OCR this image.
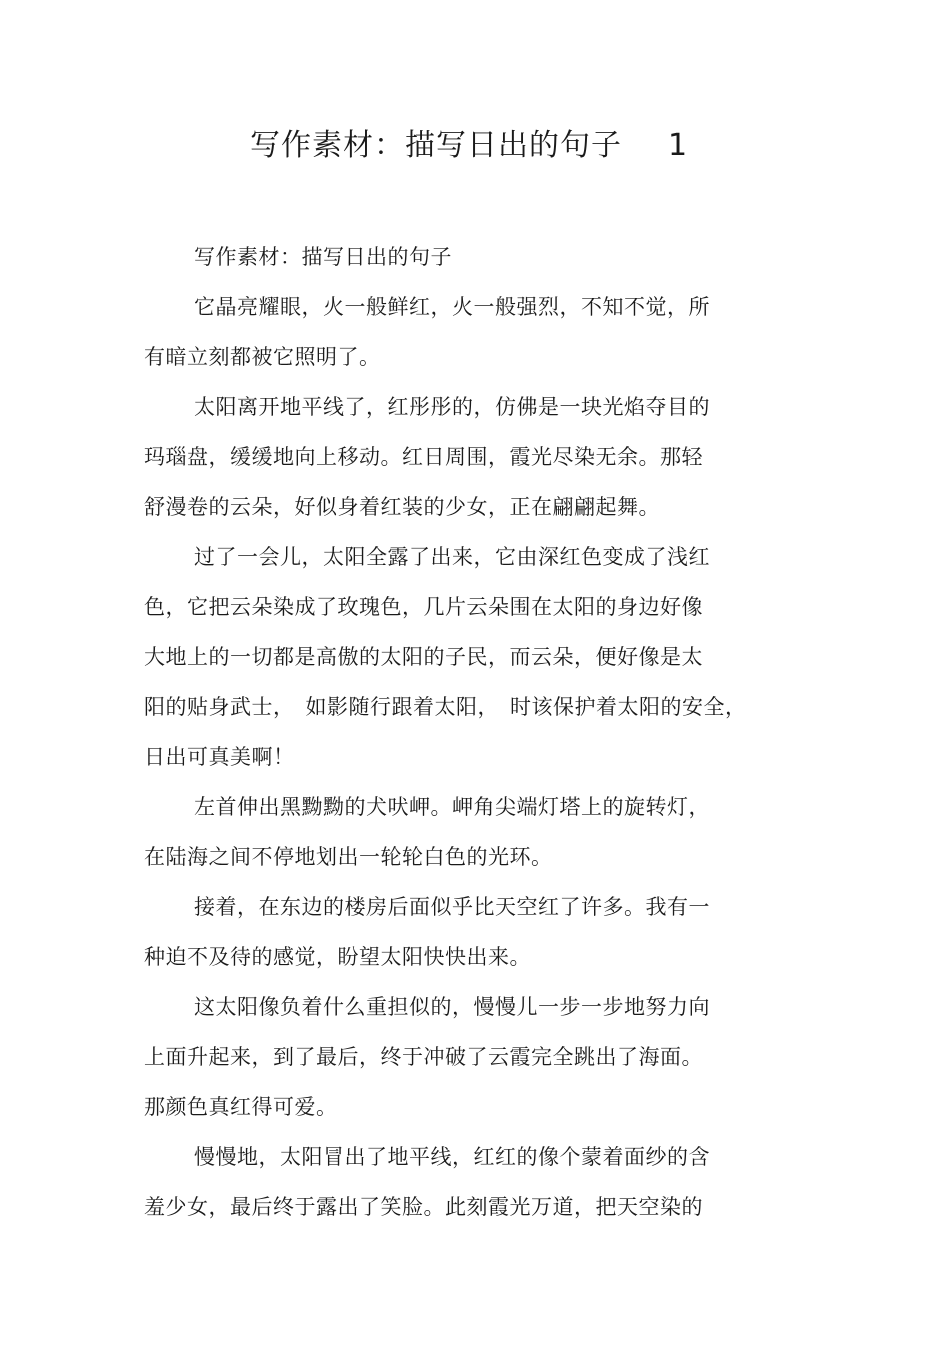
写作素材：描写日出的句子 1
写作素材：描写日出的句子
它晶亮耀眼，火一般鲜红，火一般强烈，不知不觉，所
有暗立刻都被它照明了。
太阳离开地平线了，红彤彤的，仿佛是一块光焰夺目的
玛瑙盘，缓缓地向上移动。红日周围，霞光尽染无余。那轻
舒漫卷的云朵，好似身着红装的少女，正在翩翩起舞。
过了一会儿，太阳全露了出来，它由深红色变成了浅红
色，它把云朵染成了玫瑰色，几片云朵围在太阳的身边好像
大地上的一切都是高傲的太阳的子民，而云朵，便好像是太
阳的贴身武士，　如影随行跟着太阳，　时该保护着太阳的安全，
日出可真美啊！
左首伸出黑黝黝的犬吠岬。岬角尖端灯塔上的旋转灯，
在陆海之间不停地划出一轮轮白色的光环。
接着，在东边的楼房后面似乎比天空红了许多。我有一
种迫不及待的感觉，盼望太阳快快出来。
这太阳像负着什么重担似的，慢慢儿一步一步地努力向
上面升起来，到了最后，终于冲破了云霞完全跳出了海面。
那颜色真红得可爱。
慢慢地，太阳冒出了地平线，红红的像个蒙着面纱的含
羞少女，最后终于露出了笑脸。此刻霞光万道，把天空染的
